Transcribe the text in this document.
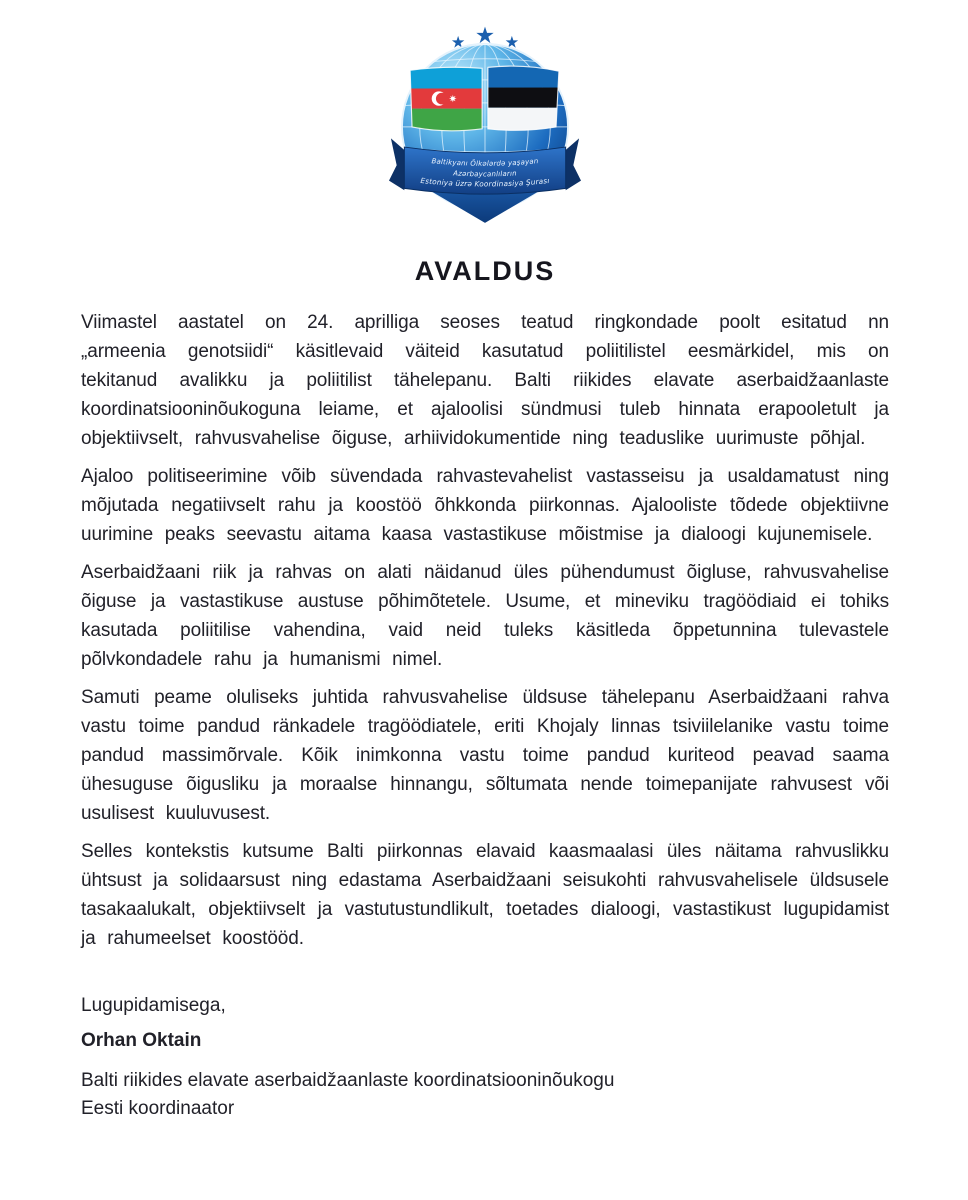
Baltikyanı Ölkələrdə yaşayan
Azərbaycanlıların
Estoniya üzrə Koordinasiya Şurası
AVALDUS

Viimastel aastatel on 24. aprilliga seoses teatud ringkondade poolt esitatud nn „armeenia genotsiidi“ käsitlevaid väiteid kasutatud poliitilistel eesmärkidel, mis on tekitanud avalikku ja poliitilist tähelepanu. Balti riikides elavate aserbaidžaanlaste koordinatsiooninõukoguna leiame, et ajaloolisi sündmusi tuleb hinnata erapooletult ja objektiivselt, rahvusvahelise õiguse, arhiividokumentide ning teaduslike uurimuste põhjal.

Ajaloo politiseerimine võib süvendada rahvastevahelist vastasseisu ja usaldamatust ning mõjutada negatiivselt rahu ja koostöö õhkkonda piirkonnas. Ajalooliste tõdede objektiivne uurimine peaks seevastu aitama kaasa vastastikuse mõistmise ja dialoogi kujunemisele.

Aserbaidžaani riik ja rahvas on alati näidanud üles pühendumust õigluse, rahvusvahelise õiguse ja vastastikuse austuse põhimõtetele. Usume, et mineviku tragöödiaid ei tohiks kasutada poliitilise vahendina, vaid neid tuleks käsitleda õppetunnina tulevastele põlvkondadele rahu ja humanismi nimel.

Samuti peame oluliseks juhtida rahvusvahelise üldsuse tähelepanu Aserbaidžaani rahva vastu toime pandud ränkadele tragöödiatele, eriti Khojaly linnas tsiviilelanike vastu toime pandud massimõrvale. Kõik inimkonna vastu toime pandud kuriteod peavad saama ühesuguse õigusliku ja moraalse hinnangu, sõltumata nende toimepanijate rahvusest või usulisest kuuluvusest.

Selles kontekstis kutsume Balti piirkonnas elavaid kaasmaalasi üles näitama rahvuslikku ühtsust ja solidaarsust ning edastama Aserbaidžaani seisukohti rahvusvahelisele üldsusele tasakaalukalt, objektiivselt ja vastutustundlikult, toetades dialoogi, vastastikust lugupidamist ja rahumeelset koostööd.

Lugupidamisega,

Orhan Oktain

Balti riikides elavate aserbaidžaanlaste koordinatsiooninõukogu

Eesti koordinaator
